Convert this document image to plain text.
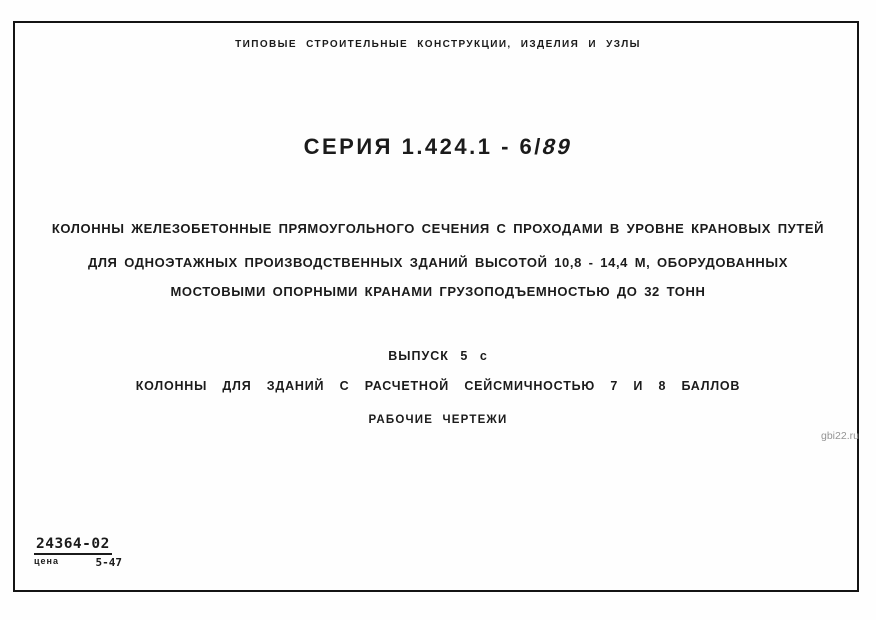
ТИПОВЫЕ СТРОИТЕЛЬНЫЕ КОНСТРУКЦИИ, ИЗДЕЛИЯ И УЗЛЫ
СЕРИЯ 1.424.1 - 6/89
КОЛОННЫ ЖЕЛЕЗОБЕТОННЫЕ ПРЯМОУГОЛЬНОГО СЕЧЕНИЯ С ПРОХОДАМИ В УРОВНЕ КРАНОВЫХ ПУТЕЙ
ДЛЯ ОДНОЭТАЖНЫХ ПРОИЗВОДСТВЕННЫХ ЗДАНИЙ ВЫСОТОЙ 10,8 - 14,4 М, ОБОРУДОВАННЫХ
МОСТОВЫМИ ОПОРНЫМИ КРАНАМИ ГРУЗОПОДЪЕМНОСТЬЮ ДО 32 ТОНН
ВЫПУСК 5 с
КОЛОННЫ ДЛЯ ЗДАНИЙ С РАСЧЕТНОЙ СЕЙСМИЧНОСТЬЮ 7 И 8 БАЛЛОВ
РАБОЧИЕ ЧЕРТЕЖИ
24364-02
цена	5-47
gbi22.ru
